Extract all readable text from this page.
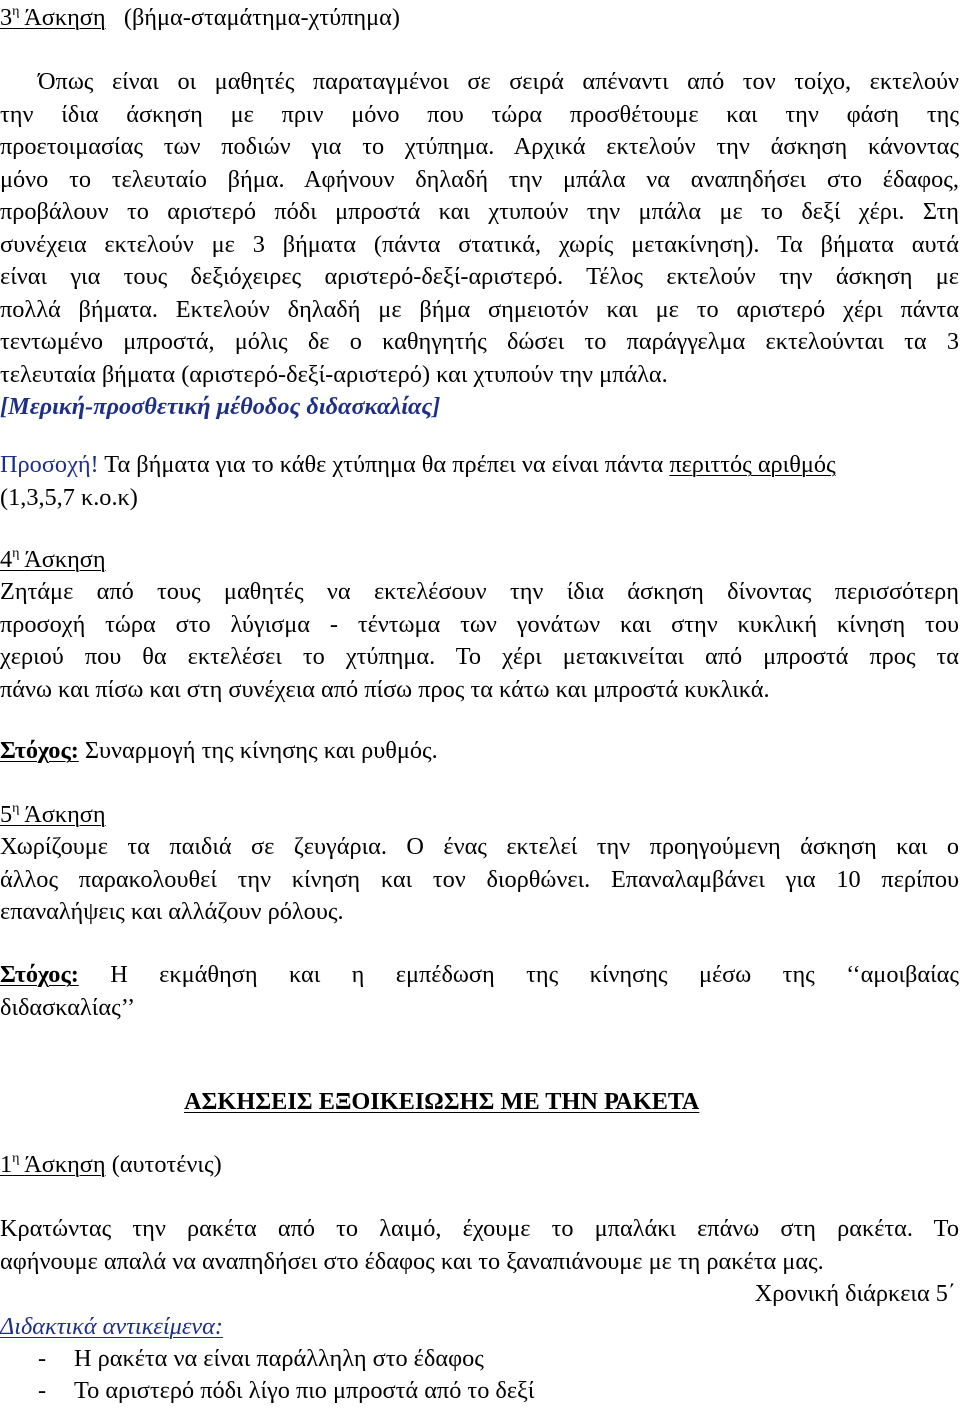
$3^\eta$ Άσκηση (βήμα-σταμάτημα-χτύπημα)
Όπως είναι οι μαθητές παραταγμένοι σε σειρά απέναντι από τον τοίχο, εκτελούν
την ίδια άσκηση με πριν μόνο που τώρα προσθέτουμε και την φάση της
προετοιμασίας των ποδιών για το χτύπημα. Αρχικά εκτελούν την άσκηση κάνοντας
μόνο το τελευταίο βήμα. Αφήνουν δηλαδή την μπάλα να αναπηδήσει στο έδαφος,
προβάλουν το αριστερό πόδι μπροστά και χτυπούν την μπάλα με το δεξί χέρι. Στη
συνέχεια εκτελούν με 3 βήματα (πάντα στατικά, χωρίς μετακίνηση). Τα βήματα αυτά
είναι για τους δεξιόχειρες αριστερό-δεξί-αριστερό. Τέλος εκτελούν την άσκηση με
πολλά βήματα. Εκτελούν δηλαδή με βήμα σημειοτόν και με το αριστερό χέρι πάντα
τεντωμένο μπροστά, μόλις δε ο καθηγητής δώσει το παράγγελμα εκτελούνται τα 3
τελευταία βήματα (αριστερό-δεξί-αριστερό) και χτυπούν την μπάλα.
[Μερική-προσθετική μέθοδος διδασκαλίας]
Προσοχή! Τα βήματα για το κάθε χτύπημα θα πρέπει να είναι πάντα περιττός αριθμός
(1,3,5,7 κ.ο.κ)
$4^\eta$ Άσκηση
Ζητάμε από τους μαθητές να εκτελέσουν την ίδια άσκηση δίνοντας περισσότερη
προσοχή τώρα στο λύγισμα - τέντωμα των γονάτων και στην κυκλική κίνηση του
χεριού που θα εκτελέσει το χτύπημα. Το χέρι μετακινείται από μπροστά προς τα
πάνω και πίσω και στη συνέχεια από πίσω προς τα κάτω και μπροστά κυκλικά.
Στόχος: Συναρμογή της κίνησης και ρυθμός.
$5^\eta$ Άσκηση
Χωρίζουμε τα παιδιά σε ζευγάρια. Ο ένας εκτελεί την προηγούμενη άσκηση και ο
άλλος παρακολουθεί την κίνηση και τον διορθώνει. Επαναλαμβάνει για 10 περίπου
επαναλήψεις και αλλάζουν ρόλους.
Στόχος: Η εκμάθηση και η εμπέδωση της κίνησης μέσω της ‘‘αμοιβαίας
διδασκαλίας’’
ΑΣΚΗΣΕΙΣ ΕΞΟΙΚΕΙΩΣΗΣ ΜΕ ΤΗΝ ΡΑΚΕΤΑ
$1^\eta$ Άσκηση (αυτοτένις)
Κρατώντας την ρακέτα από το λαιμό, έχουμε το μπαλάκι επάνω στη ρακέτα. Το
αφήνουμε απαλά να αναπηδήσει στο έδαφος και το ξαναπιάνουμε με τη ρακέτα μας.
Χρονική διάρκεια 5΄
Διδακτικά αντικείμενα:
- Η ρακέτα να είναι παράλληλη στο έδαφος
- Το αριστερό πόδι λίγο πιο μπροστά από το δεξί
